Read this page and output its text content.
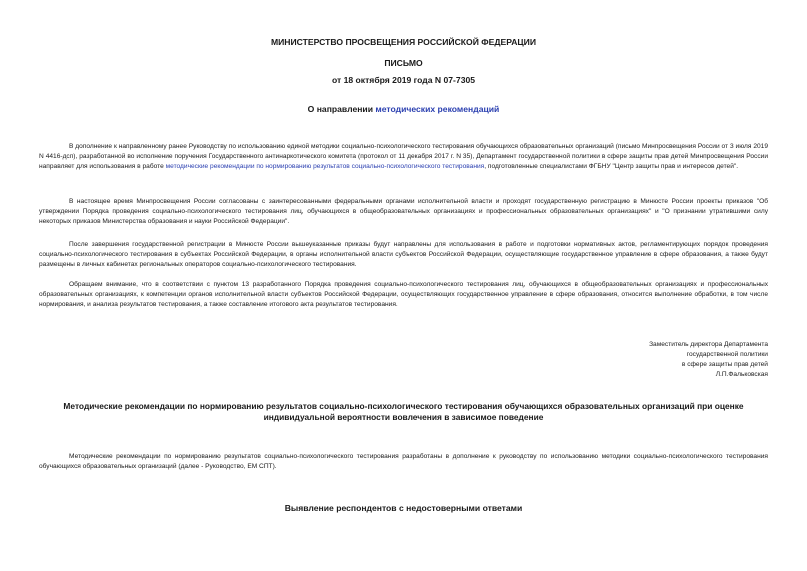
МИНИСТЕРСТВО ПРОСВЕЩЕНИЯ РОССИЙСКОЙ ФЕДЕРАЦИИ
ПИСЬМО
от 18 октября 2019 года N 07-7305
О направлении методических рекомендаций

В дополнение к направленному ранее Руководству по использованию единой методики социально-психологического тестирования обучающихся образовательных организаций (письмо Минпросвещения России от 3 июля 2019 N 4416-дсп), разработанной во исполнение поручения Государственного антинаркотического комитета (протокол от 11 декабря 2017 г. N 35), Департамент государственной политики в сфере защиты прав детей Минпросвещения России направляет для использования в работе методические рекомендации по нормированию результатов социально-психологического тестирования, подготовленные специалистами ФГБНУ "Центр защиты прав и интересов детей".

В настоящее время Минпросвещения России согласованы с заинтересованными федеральными органами исполнительной власти и проходят государственную регистрацию в Минюсте России проекты приказов "Об утверждении Порядка проведения социально-психологического тестирования лиц, обучающихся в общеобразовательных организациях и профессиональных образовательных организациях" и "О признании утратившими силу некоторых приказов Министерства образования и науки Российской Федерации".

После завершения государственной регистрации в Минюсте России вышеуказанные приказы будут направлены для использования в работе и подготовки нормативных актов, регламентирующих порядок проведения социально-психологического тестирования в субъектах Российской Федерации, в органы исполнительной власти субъектов Российской Федерации, осуществляющие государственное управление в сфере образования, а также будут размещены в личных кабинетах региональных операторов социально-психологического тестирования.

Обращаем внимание, что в соответствии с пунктом 13 разработанного Порядка проведения социально-психологического тестирования лиц, обучающихся в общеобразовательных организациях и профессиональных образовательных организациях, к компетенции органов исполнительной власти субъектов Российской Федерации, осуществляющих государственное управление в сфере образования, относится выполнение обработки, в том числе нормирования, и анализа результатов тестирования, а также составление итогового акта результатов тестирования.

Заместитель директора Департамента
государственной политики
в сфере защиты прав детей
Л.П.Фальковская
Методические рекомендации по нормированию результатов социально-психологического тестирования обучающихся образовательных организаций при оценке индивидуальной вероятности вовлечения в зависимое поведение

Методические рекомендации по нормированию результатов социально-психологического тестирования разработаны в дополнение к руководству по использованию методики социально-психологического тестирования обучающихся образовательных организаций (далее - Руководство, ЕМ СПТ).

Выявление респондентов с недостоверными ответами
